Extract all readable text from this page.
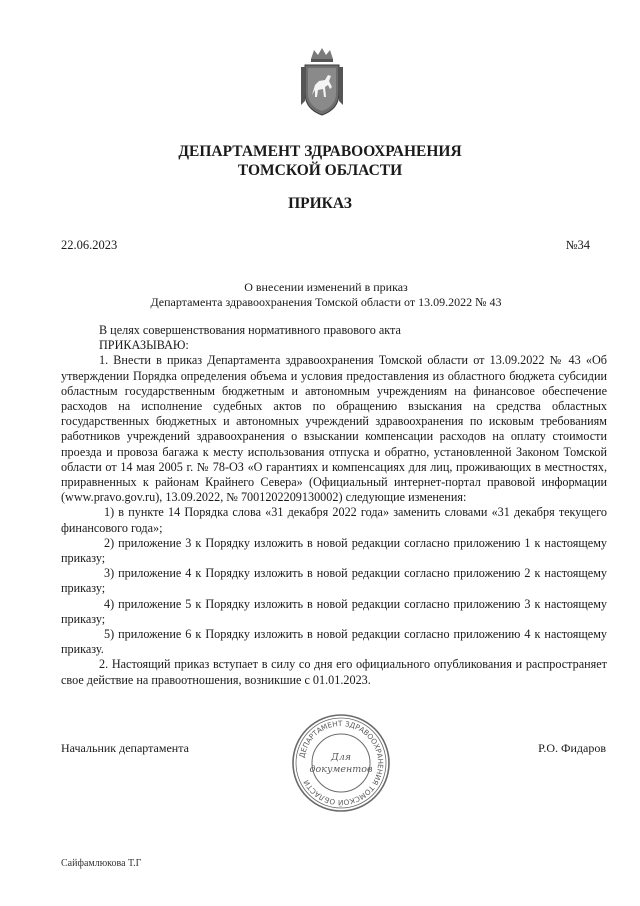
ДЕПАРТАМЕНТ ЗДРАВООХРАНЕНИЯ
ТОМСКОЙ ОБЛАСТИ
ПРИКАЗ
22.06.2023	№34
О внесении изменений в приказ
Департамента здравоохранения Томской области от 13.09.2022 № 43

В целях совершенствования нормативного правового акта

ПРИКАЗЫВАЮ:

1. Внести в приказ Департамента здравоохранения Томской области от 13.09.2022 № 43 «Об утверждении Порядка определения объема и условия предоставления из областного бюджета субсидии областным государственным бюджетным и автономным учреждениям на финансовое обеспечение расходов на исполнение судебных актов по обращению взыскания на средства областных государственных бюджетных и автономных учреждений здравоохранения по исковым требованиям работников учреждений здравоохранения о взыскании компенсации расходов на оплату стоимости проезда и провоза багажа к месту использования отпуска и обратно, установленной Законом Томской области от 14 мая 2005 г. № 78-ОЗ «О гарантиях и компенсациях для лиц, проживающих в местностях, приравненных к районам Крайнего Севера» (Официальный интернет-портал правовой информации (www.pravo.gov.ru), 13.09.2022, № 7001202209130002) следующие изменения:

1) в пункте 14 Порядка слова «31 декабря 2022 года» заменить словами «31 декабря текущего финансового года»;

2) приложение 3 к Порядку изложить в новой редакции согласно приложению 1 к настоящему приказу;

3) приложение 4 к Порядку изложить в новой редакции согласно приложению 2 к настоящему приказу;

4) приложение 5 к Порядку изложить в новой редакции согласно приложению 3 к настоящему приказу;

5) приложение 6 к Порядку изложить в новой редакции согласно приложению 4 к настоящему приказу.

2. Настоящий приказ вступает в силу со дня его официального опубликования и распространяет свое действие на правоотношения, возникшие с 01.01.2023.

Начальник департамента
ДЕПАРТАМЕНТ ЗДРАВООХРАНЕНИЯ ТОМСКОЙ ОБЛАСТИ
Для
документов
Р.О. Фидаров
Сайфамлюкова Т.Г
